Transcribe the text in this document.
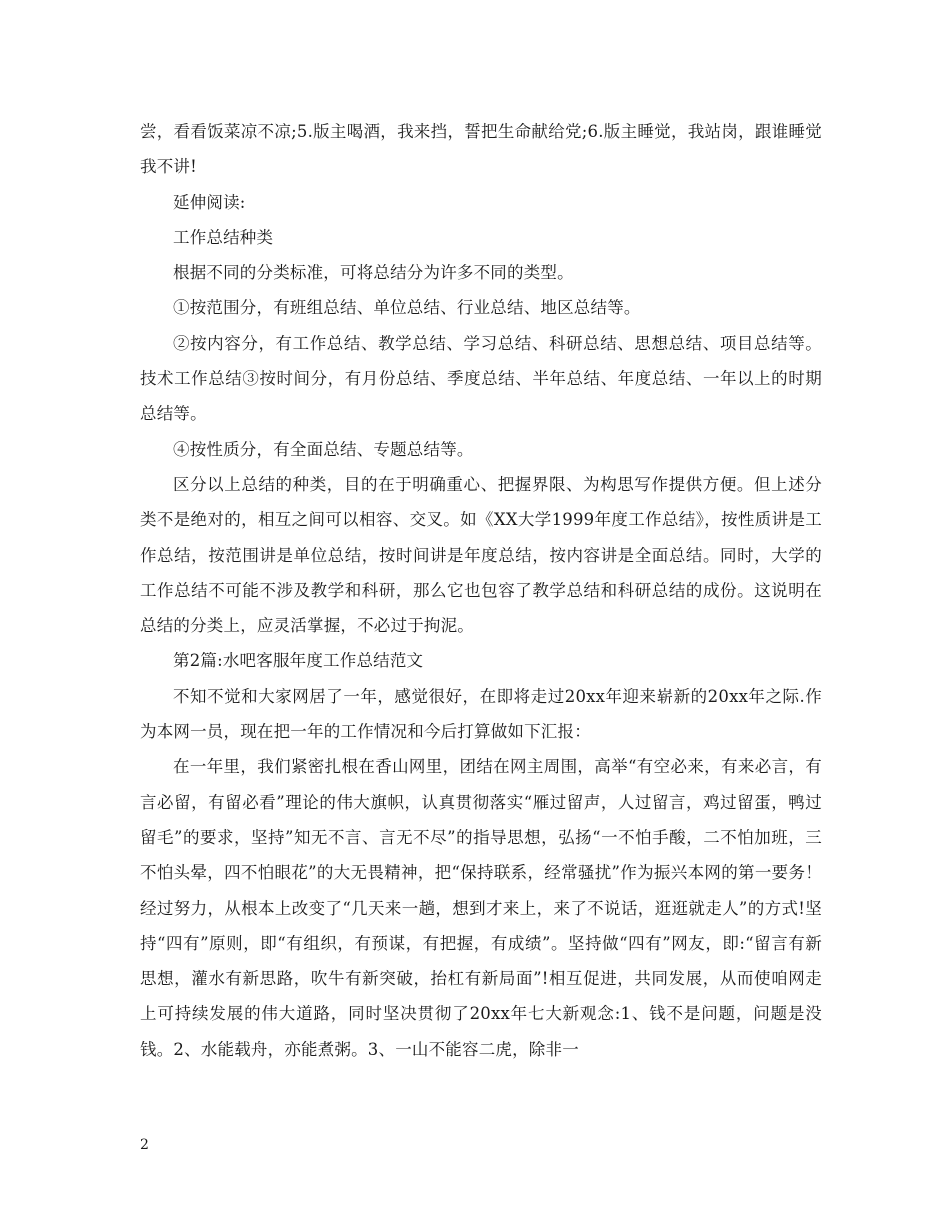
尝，看看饭菜凉不凉;5.版主喝酒，我来挡，誓把生命献给党;6.版主睡觉，我站岗，跟谁睡觉我不讲!

延伸阅读:

工作总结种类

根据不同的分类标准，可将总结分为许多不同的类型。

①按范围分，有班组总结、单位总结、行业总结、地区总结等。

②按内容分，有工作总结、教学总结、学习总结、科研总结、思想总结、项目总结等。技术工作总结③按时间分，有月份总结、季度总结、半年总结、年度总结、一年以上的时期总结等。

④按性质分，有全面总结、专题总结等。

区分以上总结的种类，目的在于明确重心、把握界限、为构思写作提供方便。但上述分类不是绝对的，相互之间可以相容、交叉。如《XX大学1999年度工作总结》，按性质讲是工作总结，按范围讲是单位总结，按时间讲是年度总结，按内容讲是全面总结。同时，大学的工作总结不可能不涉及教学和科研，那么它也包容了教学总结和科研总结的成份。这说明在总结的分类上，应灵活掌握，不必过于拘泥。

第2篇:水吧客服年度工作总结范文

不知不觉和大家网居了一年，感觉很好，在即将走过20xx年迎来崭新的20xx年之际.作为本网一员，现在把一年的工作情况和今后打算做如下汇报：

在一年里，我们紧密扎根在香山网里，团结在网主周围，高举“有空必来，有来必言，有言必留，有留必看”理论的伟大旗帜，认真贯彻落实“雁过留声，人过留言，鸡过留蛋，鸭过留毛”的要求，坚持”知无不言、言无不尽”的指导思想，弘扬“一不怕手酸，二不怕加班，三不怕头晕，四不怕眼花”的大无畏精神，把“保持联系，经常骚扰”作为振兴本网的第一要务！ 经过努力，从根本上改变了“几天来一趟，想到才来上，来了不说话，逛逛就走人”的方式!坚持“四有”原则，即“有组织，有预谋，有把握，有成绩”。坚持做“四有”网友，即:“留言有新思想，灌水有新思路，吹牛有新突破，抬杠有新局面”!相互促进，共同发展，从而使咱网走上可持续发展的伟大道路，同时坚决贯彻了20xx年七大新观念:1、钱不是问题，问题是没钱。2、水能载舟，亦能煮粥。3、一山不能容二虎，除非一

2
